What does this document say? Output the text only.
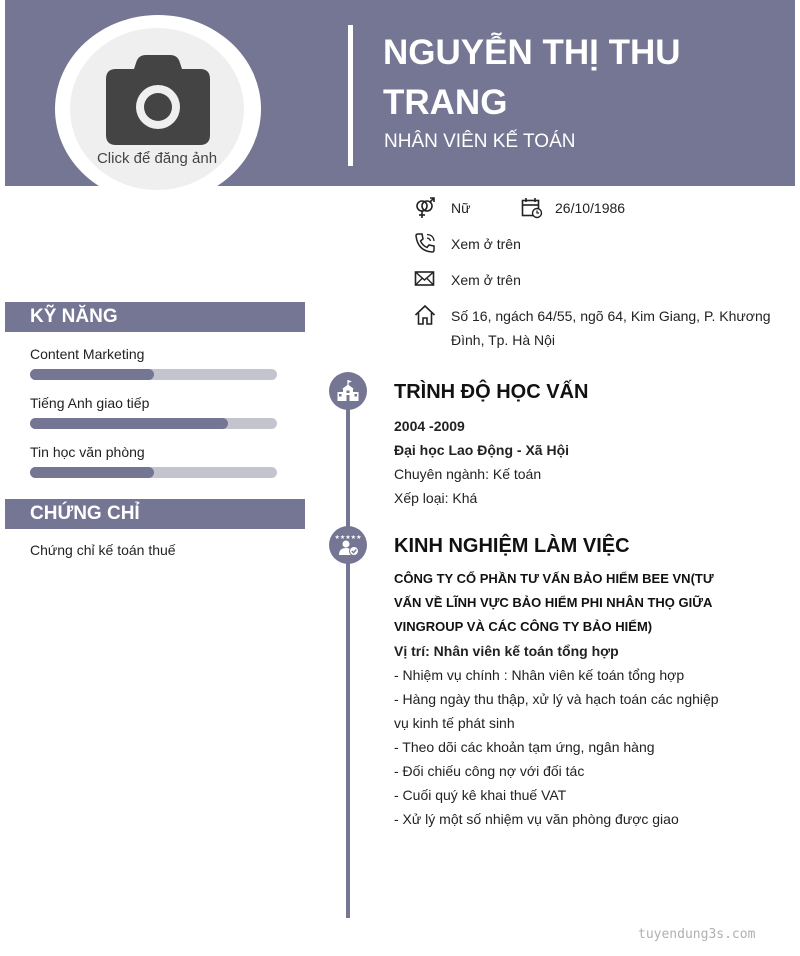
Click để đăng ảnh
NGUYỄN THỊ THU TRANG
NHÂN VIÊN KẾ TOÁN
Nữ	26/10/1986
Xem ở trên
Xem ở trên
Số 16, ngách 64/55, ngõ 64, Kim Giang, P. Khương Đình, Tp. Hà Nội
KỸ NĂNG
Content Marketing
Tiếng Anh giao tiếp
Tin học văn phòng
CHỨNG CHỈ
Chứng chỉ kế toán thuế
TRÌNH ĐỘ HỌC VẤN
2004 -2009
Đại học Lao Động - Xã Hội
Chuyên ngành: Kế toán
Xếp loại: Khá
★★★★★ KINH NGHIỆM LÀM VIỆC
CÔNG TY CỔ PHẦN TƯ VẤN BẢO HIỂM BEE VN(TƯ VẤN VỀ LĨNH VỰC BẢO HIỂM PHI NHÂN THỌ GIỮA VINGROUP VÀ CÁC CÔNG TY BẢO HIỂM)
Vị trí: Nhân viên kế toán tổng hợp
- Nhiệm vụ chính : Nhân viên kế toán tổng hợp
- Hàng ngày thu thập, xử lý và hạch toán các nghiệp vụ kinh tế phát sinh
- Theo dõi các khoản tạm ứng, ngân hàng
- Đối chiếu công nợ với đối tác
- Cuối quý kê khai thuế VAT
- Xử lý một số nhiệm vụ văn phòng được giao
tuyendung3s.com
